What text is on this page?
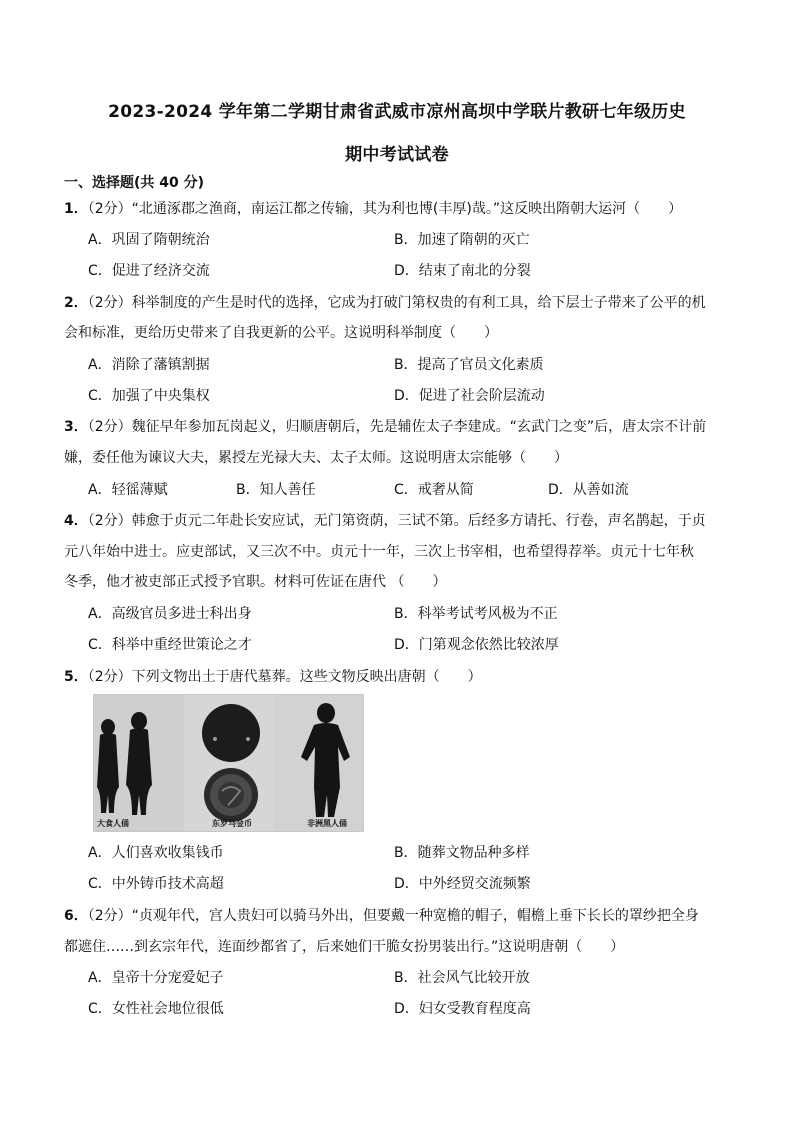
2023-2024 学年第二学期甘肃省武威市凉州高坝中学联片教研七年级历史
期中考试试卷
一、选择题(共 40 分)
1．（2分）“北通涿郡之渔商，南运江都之传输，其为利也博(丰厚)哉。”这反映出隋朝大运河（　　）
A．巩固了隋朝统治	B．加速了隋朝的灭亡
C．促进了经济交流	D．结束了南北的分裂
2．（2分）科举制度的产生是时代的选择，它成为打破门第权贵的有利工具，给下层士子带来了公平的机
会和标准，更给历史带来了自我更新的公平。这说明科举制度（　　）
A．消除了藩镇割据	B．提高了官员文化素质
C．加强了中央集权	D．促进了社会阶层流动
3．（2分）魏征早年参加瓦岗起义，归顺唐朝后，先是辅佐太子李建成。“玄武门之变”后，唐太宗不计前
嫌，委任他为谏议大夫，累授左光禄大夫、太子太师。这说明唐太宗能够（　　）
A．轻徭薄赋	B．知人善任	C．戒奢从简	D．从善如流
4．（2分）韩愈于贞元二年赴长安应试，无门第资荫，三试不第。后经多方请托、行卷，声名鹊起，于贞
元八年始中进士。应吏部试，又三次不中。贞元十一年，三次上书宰相，也希望得荐举。贞元十七年秋
冬季，他才被吏部正式授予官职。材料可佐证在唐代 （　　）
A．高级官员多进士科出身	B．科举考试考风极为不正
C．科举中重经世策论之才	D．门第观念依然比较浓厚
5．（2分）下列文物出土于唐代墓葬。这些文物反映出唐朝（　　）
大食人俑	东罗马金币	非洲黑人俑
A．人们喜欢收集钱币	B．随葬文物品种多样
C．中外铸币技术高超	D．中外经贸交流频繁
6．（2分）“贞观年代，宫人贵妇可以骑马外出，但要戴一种宽檐的帽子，帽檐上垂下长长的罩纱把全身
都遮住……到玄宗年代，连面纱都省了，后来她们干脆女扮男装出行。”这说明唐朝（　　）
A．皇帝十分宠爱妃子	B．社会风气比较开放
C．女性社会地位很低	D．妇女受教育程度高
